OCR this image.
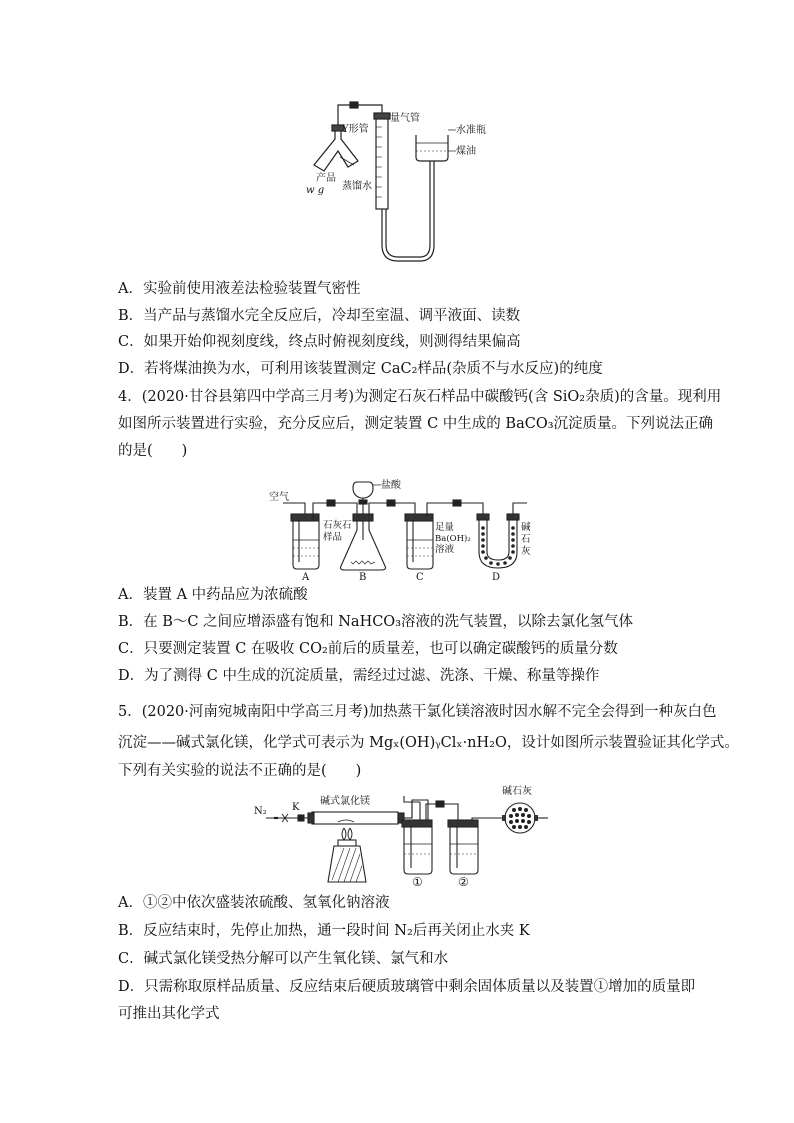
Y形管
量气管
水准瓶
煤油
产品
w g 蒸馏水
A．实验前使用液差法检验装置气密性
B．当产品与蒸馏水完全反应后，冷却至室温、调平液面、读数
C．如果开始仰视刻度线，终点时俯视刻度线，则测得结果偏高
D．若将煤油换为水，可利用该装置测定 CaC₂样品(杂质不与水反应)的纯度
4．(2020·甘谷县第四中学高三月考)为测定石灰石样品中碳酸钙(含 SiO₂杂质)的含量。现利用
如图所示装置进行实验，充分反应后，测定装置 C 中生成的 BaCO₃沉淀质量。下列说法正确
的是(　　)
空气
盐酸
石灰石
样品
足量
Ba(OH)₂
溶液
碱
石
灰
A	B	C	D
A．装置 A 中药品应为浓硫酸
B．在 B～C 之间应增添盛有饱和 NaHCO₃溶液的洗气装置，以除去氯化氢气体
C．只要测定装置 C 在吸收 CO₂前后的质量差，也可以确定碳酸钙的质量分数
D．为了测得 C 中生成的沉淀质量，需经过过滤、洗涤、干燥、称量等操作
5．(2020·河南宛城南阳中学高三月考)加热蒸干氯化镁溶液时因水解不完全会得到一种灰白色
沉淀——碱式氯化镁，化学式可表示为 Mgₓ(OH)ᵧClₓ·nH₂O，设计如图所示装置验证其化学式。
下列有关实验的说法不正确的是(　　)
N₂	K
碱式氯化镁
碱石灰
①	②
A．①②中依次盛装浓硫酸、氢氧化钠溶液
B．反应结束时，先停止加热，通一段时间 N₂后再关闭止水夹 K
C．碱式氯化镁受热分解可以产生氧化镁、氯气和水
D．只需称取原样品质量、反应结束后硬质玻璃管中剩余固体质量以及装置①增加的质量即
可推出其化学式
